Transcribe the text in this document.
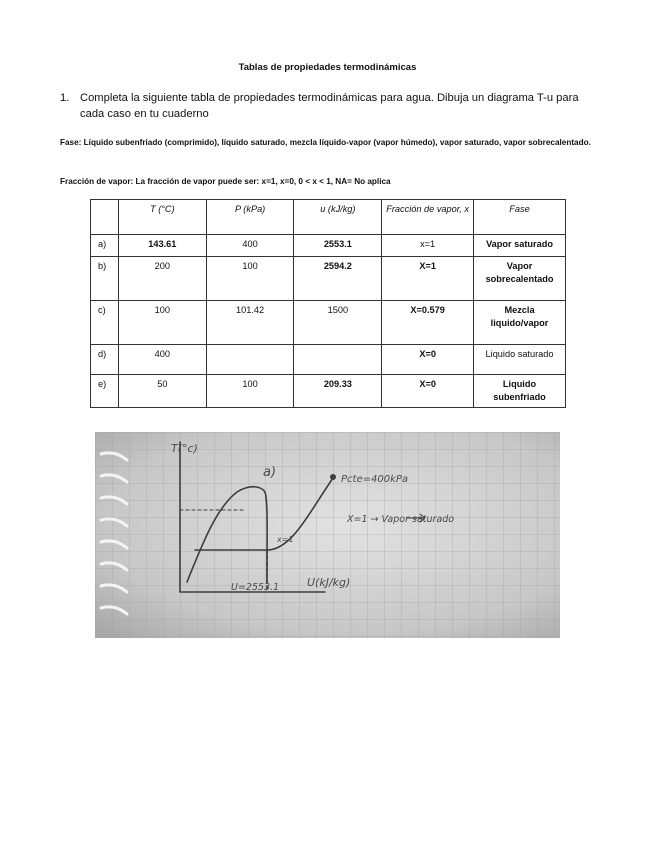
Tablas de propiedades termodinámicas
1. Completa la siguiente tabla de propiedades termodinámicas para agua. Dibuja un diagrama T-u para cada caso en tu cuaderno
Fase: Líquido subenfriado (comprimido), líquido saturado, mezcla líquido-vapor (vapor húmedo), vapor saturado, vapor sobrecalentado.
Fracción de vapor: La fracción de vapor puede ser: x=1, x=0, 0 < x < 1, NA= No aplica
	T (°C)	P (kPa)	u (kJ/kg)	Fracción de vapor, x	Fase
a)	143.61	400	2553.1	x=1	Vapor saturado
b)	200	100	2594.2	X=1	Vapor sobrecalentado
c)	100	101.42	1500	X=0.579	Mezcla liquido/vapor
d)	400			X=0	Liquido saturado
e)	50	100	209.33	X=0	Liquido subenfriado
T(°c)
a)
x=1
Pcte=400kPa
X=1 → Vapor saturado
U=2553.1	U(kJ/kg)
